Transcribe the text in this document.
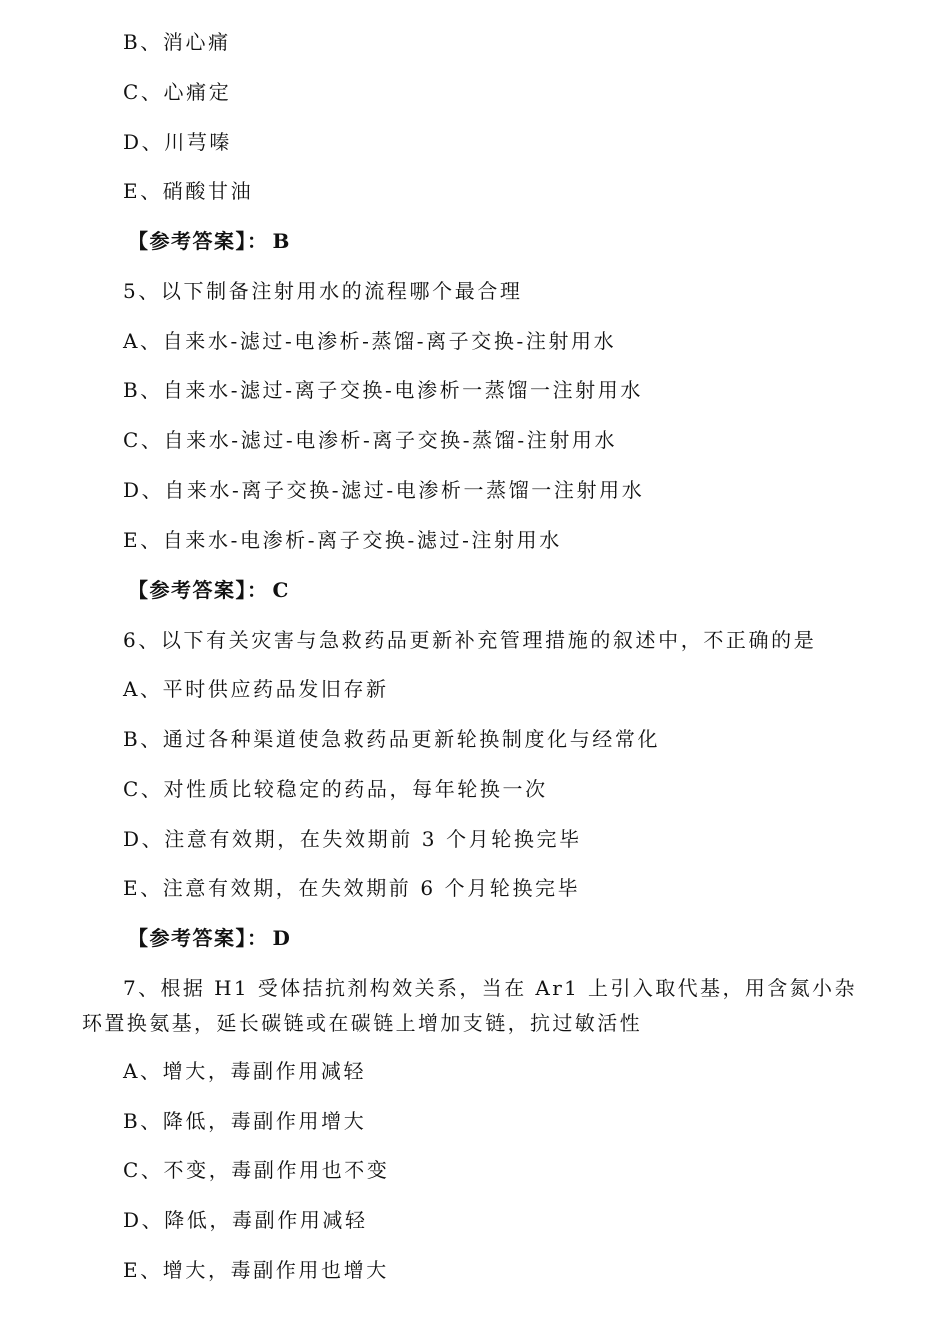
B、消心痛
C、心痛定
D、川芎嗪
E、硝酸甘油
【参考答案】： B
5、以下制备注射用水的流程哪个最合理
A、自来水-滤过-电渗析-蒸馏-离子交换-注射用水
B、自来水-滤过-离子交换-电渗析一蒸馏一注射用水
C、自来水-滤过-电渗析-离子交换-蒸馏-注射用水
D、自来水-离子交换-滤过-电渗析一蒸馏一注射用水
E、自来水-电渗析-离子交换-滤过-注射用水
【参考答案】： C
6、以下有关灾害与急救药品更新补充管理措施的叙述中，不正确的是
A、平时供应药品发旧存新
B、通过各种渠道使急救药品更新轮换制度化与经常化
C、对性质比较稳定的药品，每年轮换一次
D、注意有效期，在失效期前 3 个月轮换完毕
E、注意有效期，在失效期前 6 个月轮换完毕
【参考答案】： D
7、根据 H1 受体拮抗剂构效关系，当在 Ar1 上引入取代基，用含氮小杂环置换氨基，延长碳链或在碳链上增加支链，抗过敏活性
A、增大，毒副作用减轻
B、降低，毒副作用增大
C、不变，毒副作用也不变
D、降低，毒副作用减轻
E、增大，毒副作用也增大
